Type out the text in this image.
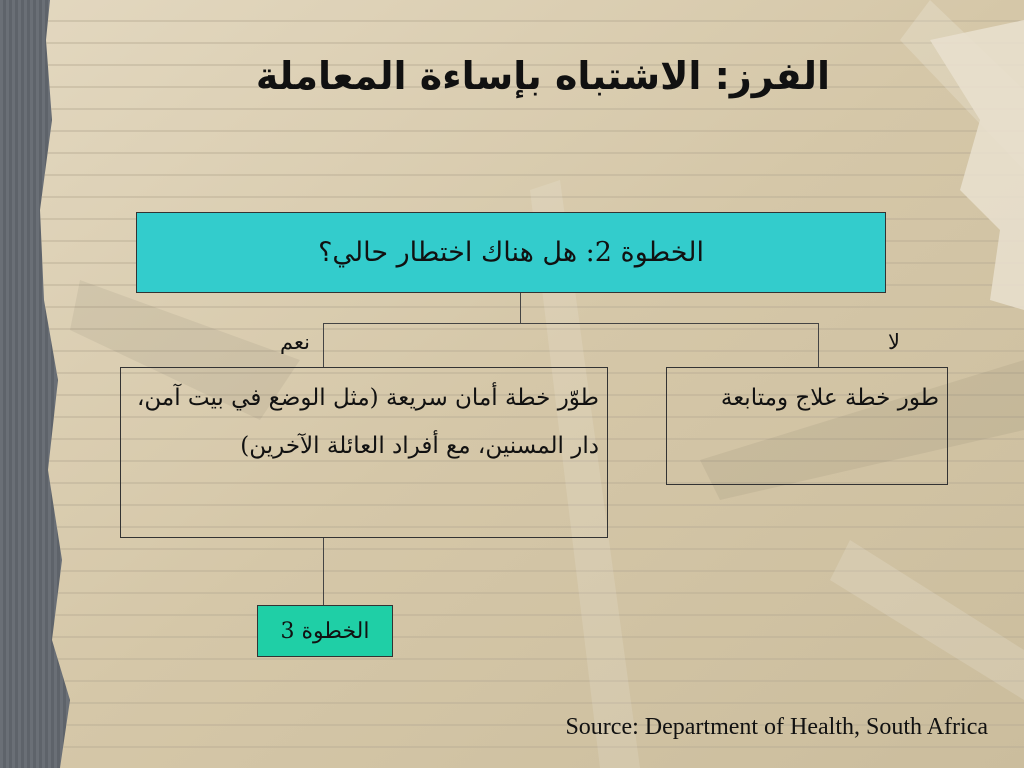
الفرز: الاشتباه بإساءة المعاملة
الخطوة 2: هل هناك اختطار حالي؟
نعم	لا
طوّر خطة أمان سريعة (مثل الوضع في بيت آمن، دار المسنين، مع أفراد العائلة الآخرين)
طور خطة علاج ومتابعة
الخطوة 3
Source: Department of Health, South Africa
